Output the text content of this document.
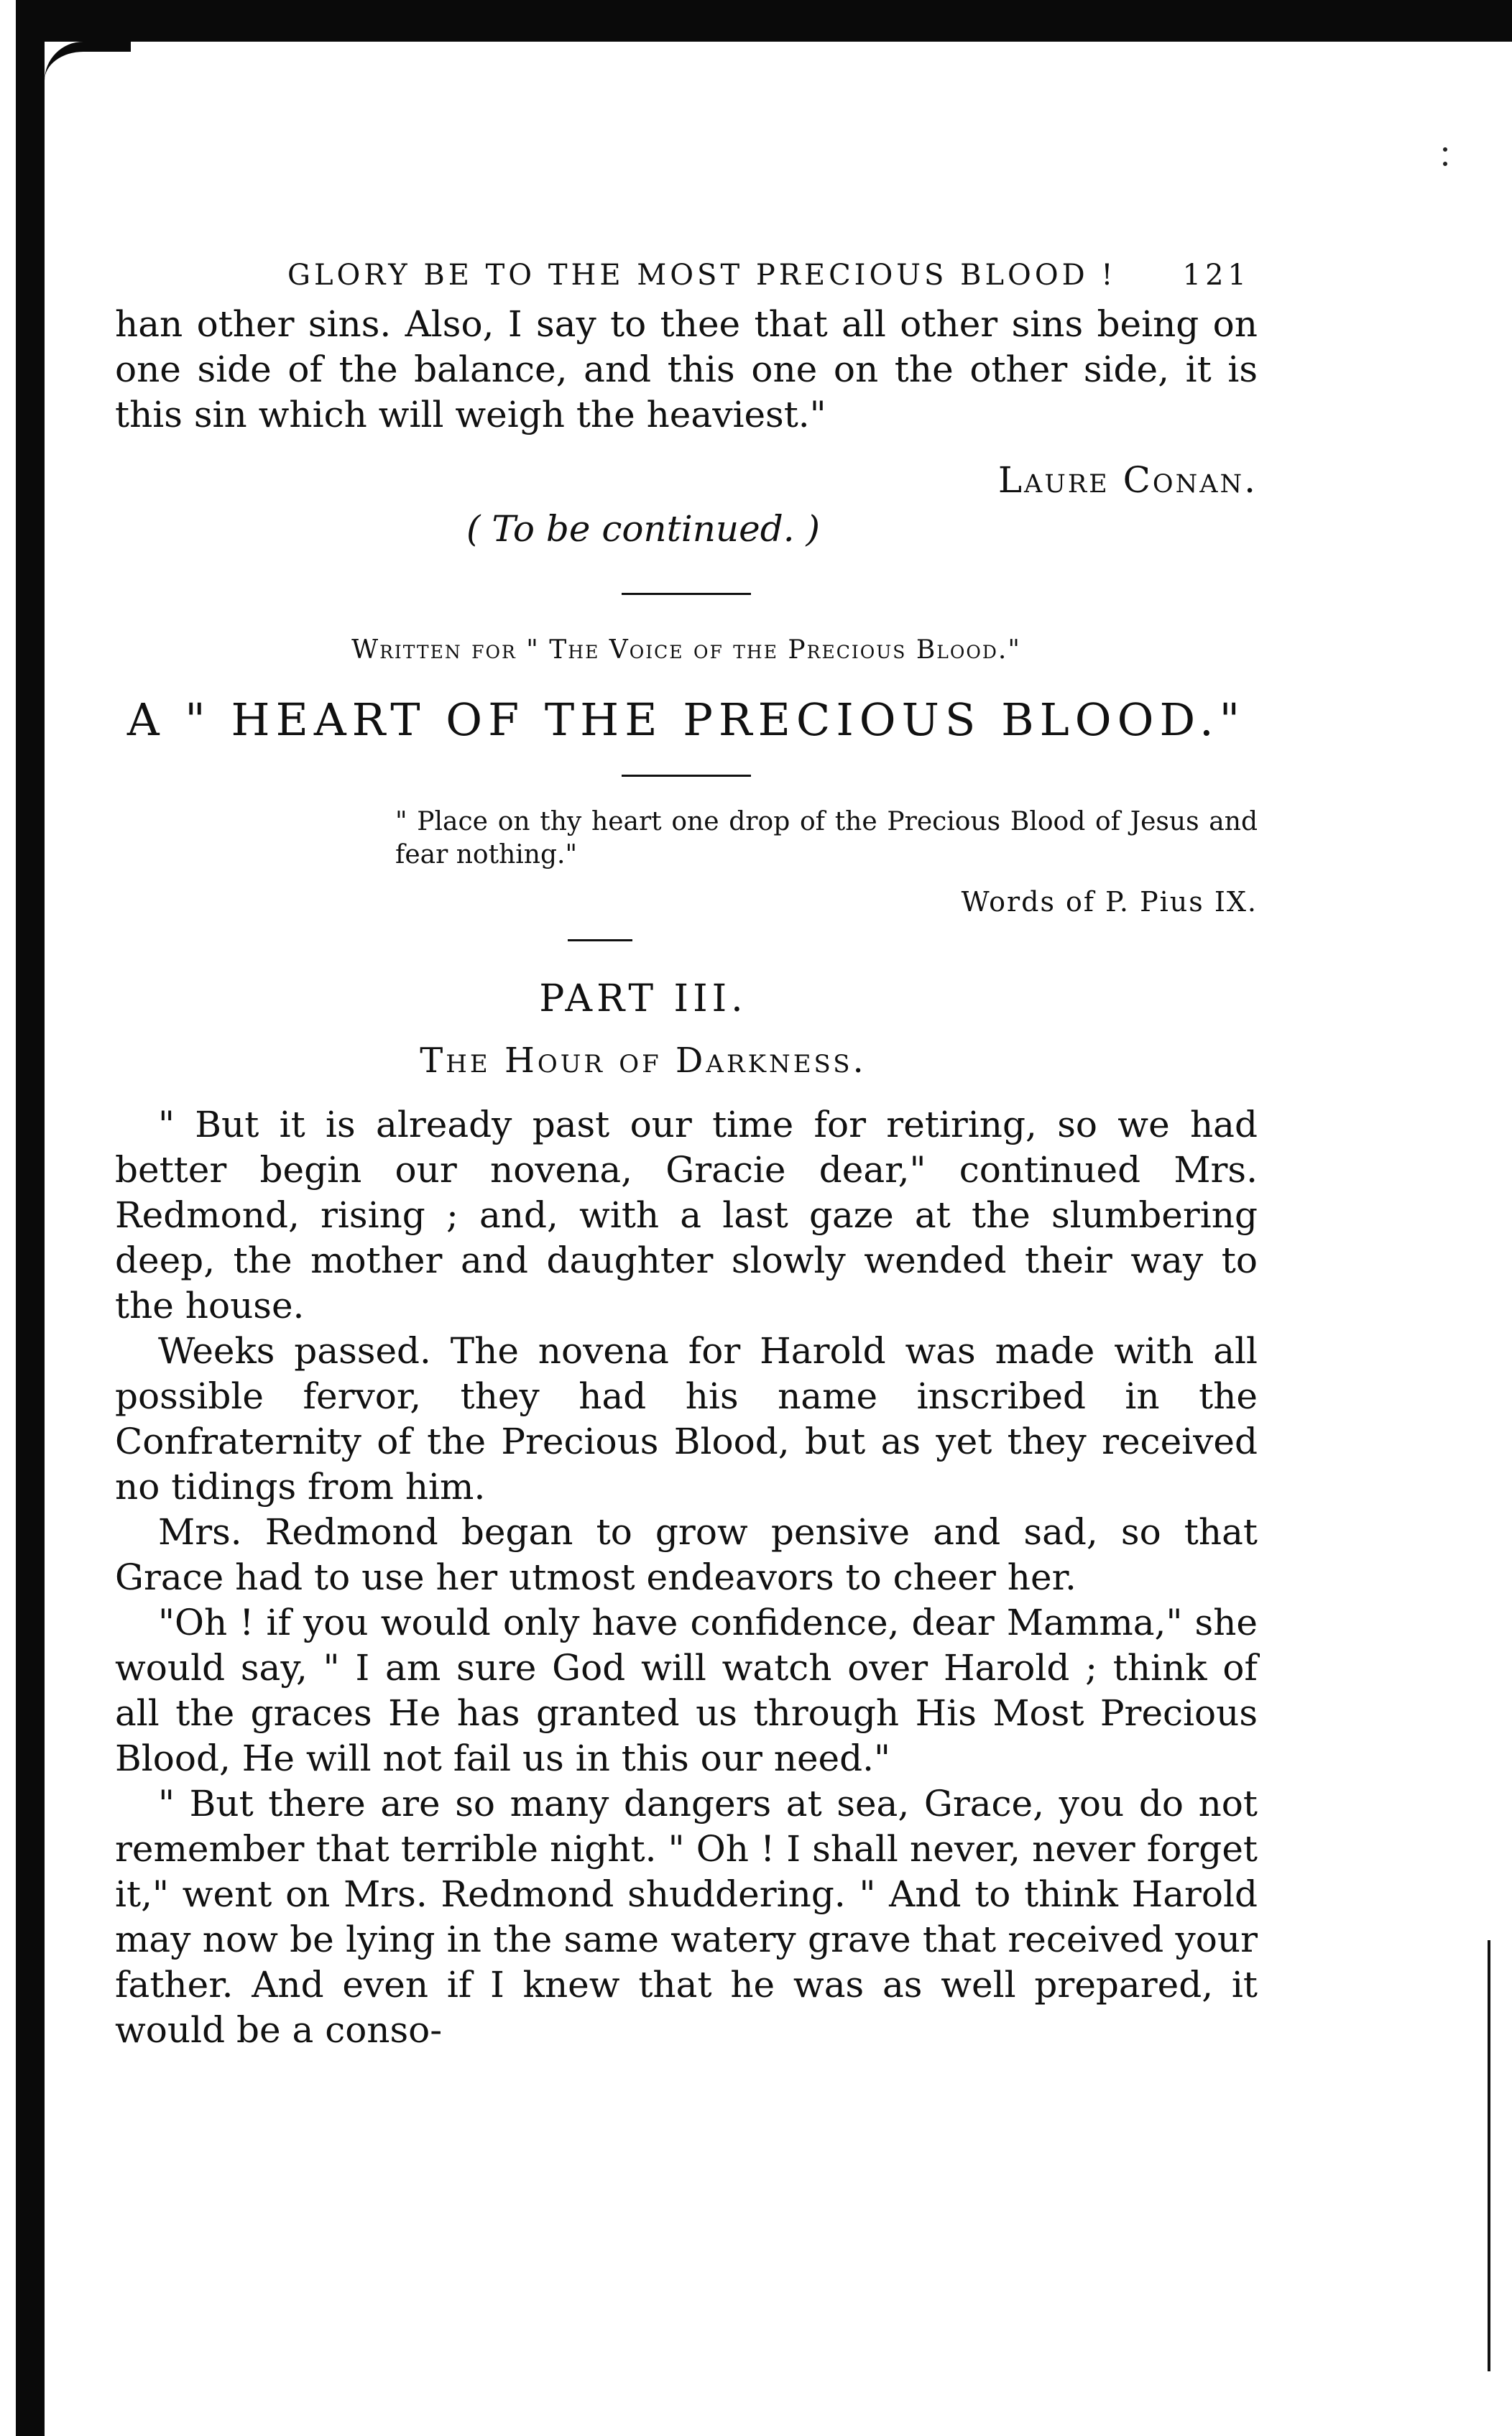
GLORY BE TO THE MOST PRECIOUS BLOOD ! 121

han other sins. Also, I say to thee that all other sins being on one side of the balance, and this one on the other side, it is this sin which will weigh the heaviest."

Laure Conan.

( To be continued. )

Written for " The Voice of the Precious Blood."

A " HEART OF THE PRECIOUS BLOOD."

" Place on thy heart one drop of the Precious Blood of Jesus and fear nothing."

Words of P. Pius IX.

PART III.

The Hour of Darkness.

" But it is already past our time for retiring, so we had better begin our novena, Gracie dear," continued Mrs. Redmond, rising ; and, with a last gaze at the slumbering deep, the mother and daughter slowly wended their way to the house.

Weeks passed. The novena for Harold was made with all possible fervor, they had his name inscribed in the Confraternity of the Precious Blood, but as yet they received no tidings from him.

Mrs. Redmond began to grow pensive and sad, so that Grace had to use her utmost endeavors to cheer her.

"Oh ! if you would only have confidence, dear Mamma," she would say, " I am sure God will watch over Harold ; think of all the graces He has granted us through His Most Precious Blood, He will not fail us in this our need."

" But there are so many dangers at sea, Grace, you do not remember that terrible night. " Oh ! I shall never, never forget it," went on Mrs. Redmond shuddering. " And to think Harold may now be lying in the same watery grave that received your father. And even if I knew that he was as well prepared, it would be a conso-
